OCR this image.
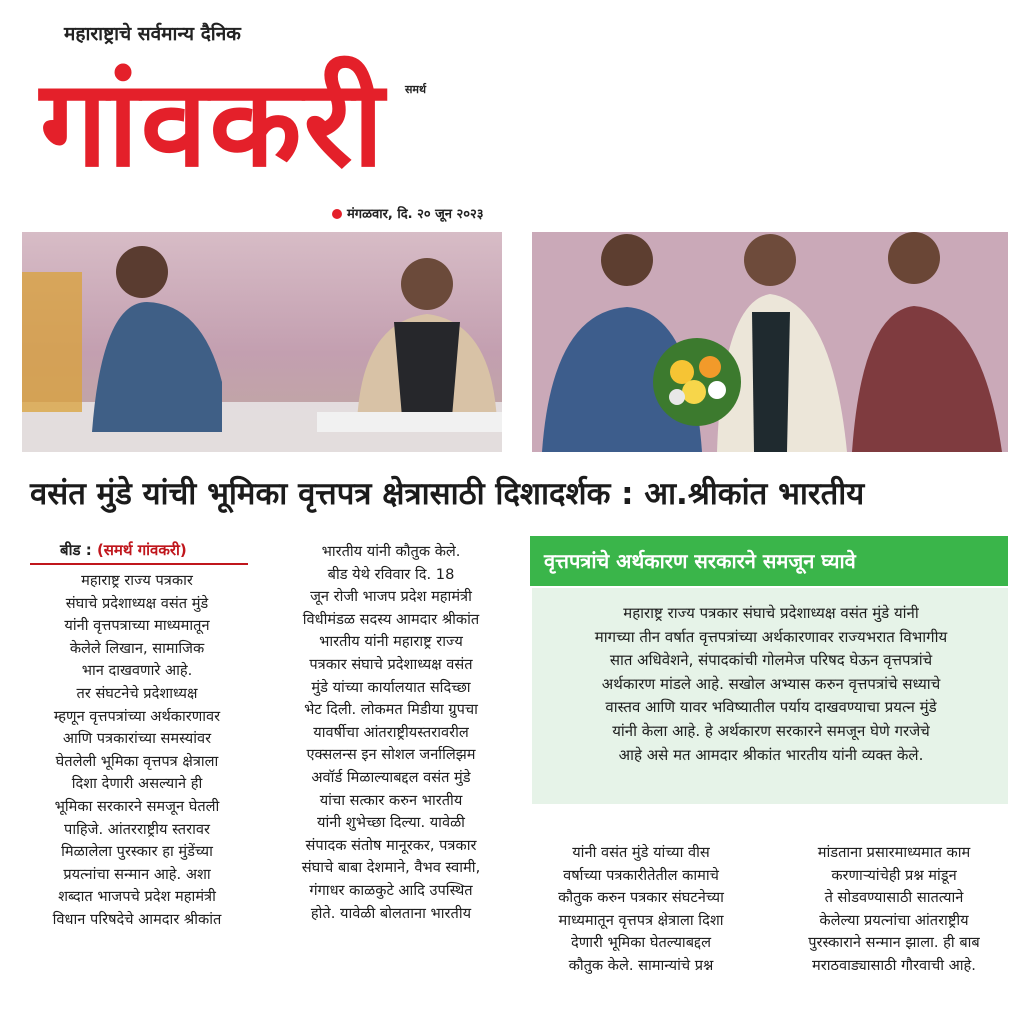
महाराष्ट्राचे सर्वमान्य दैनिक
गांवकरी	समर्थ
मंगळवार, दि. २० जून २०२३
वसंत मुंडे यांची भूमिका वृत्तपत्र क्षेत्रासाठी दिशादर्शक : आ.श्रीकांत भारतीय
बीड : (समर्थ गांवकरी)

महाराष्ट्र राज्य पत्रकार

संघाचे प्रदेशाध्यक्ष वसंत मुंडे

यांनी वृत्तपत्राच्या माध्यमातून

केलेले लिखान, सामाजिक

भान दाखवणारे आहे.

तर संघटनेचे प्रदेशाध्यक्ष

म्हणून वृत्तपत्रांच्या अर्थकारणावर

आणि पत्रकारांच्या समस्यांवर

घेतलेली भूमिका वृत्तपत्र क्षेत्राला

दिशा देणारी असल्याने ही

भूमिका सरकारने समजून घेतली

पाहिजे. आंतरराष्ट्रीय स्तरावर

मिळालेला पुरस्कार हा मुंडेंच्या

प्रयत्नांचा सन्मान आहे. अशा

शब्दात भाजपचे प्रदेश महामंत्री

विधान परिषदेचे आमदार श्रीकांत

भारतीय यांनी कौतुक केले.

बीड येथे रविवार दि. 18

जून रोजी भाजप प्रदेश महामंत्री

विधीमंडळ सदस्य आमदार श्रीकांत

भारतीय यांनी महाराष्ट्र राज्य

पत्रकार संघाचे प्रदेशाध्यक्ष वसंत

मुंडे यांच्या कार्यालयात सदिच्छा

भेट दिली. लोकमत मिडीया ग्रुपचा

यावर्षीचा आंतराष्ट्रीयस्तरावरील

एक्सलन्स इन सोशल जर्नालिझम

अवॉर्ड मिळाल्याबद्दल वसंत मुंडे

यांचा सत्कार करुन भारतीय

यांनी शुभेच्छा दिल्या. यावेळी

संपादक संतोष मानूरकर, पत्रकार

संघाचे बाबा देशमाने, वैभव स्वामी,

गंगाधर काळकुटे आदि उपस्थित

होते. यावेळी बोलताना भारतीय

वृत्तपत्रांचे अर्थकारण सरकारने समजून घ्यावे
महाराष्ट्र राज्य पत्रकार संघाचे प्रदेशाध्यक्ष वसंत मुंडे यांनी
मागच्या तीन वर्षात वृत्तपत्रांच्या अर्थकारणावर राज्यभरात विभागीय
सात अधिवेशने, संपादकांची गोलमेज परिषद घेऊन वृत्तपत्रांचे
अर्थकारण मांडले आहे. सखोल अभ्यास करुन वृत्तपत्रांचे सध्याचे
वास्तव आणि यावर भविष्यातील पर्याय दाखवण्याचा प्रयत्न मुंडे
यांनी केला आहे. हे अर्थकारण सरकारने समजून घेणे गरजेचे
आहे असे मत आमदार श्रीकांत भारतीय यांनी व्यक्त केले.

यांनी वसंत मुंडे यांच्या वीस

वर्षाच्या पत्रकारीतेतील कामाचे

कौतुक करुन पत्रकार संघटनेच्या

माध्यमातून वृत्तपत्र क्षेत्राला दिशा

देणारी भूमिका घेतल्याबद्दल

कौतुक केले. सामान्यांचे प्रश्न

मांडताना प्रसारमाध्यमात काम

करणाऱ्यांचेही प्रश्न मांडून

ते सोडवण्यासाठी सातत्याने

केलेल्या प्रयत्नांचा आंतराष्ट्रीय

पुरस्काराने सन्मान झाला. ही बाब

मराठवाड्यासाठी गौरवाची आहे.
